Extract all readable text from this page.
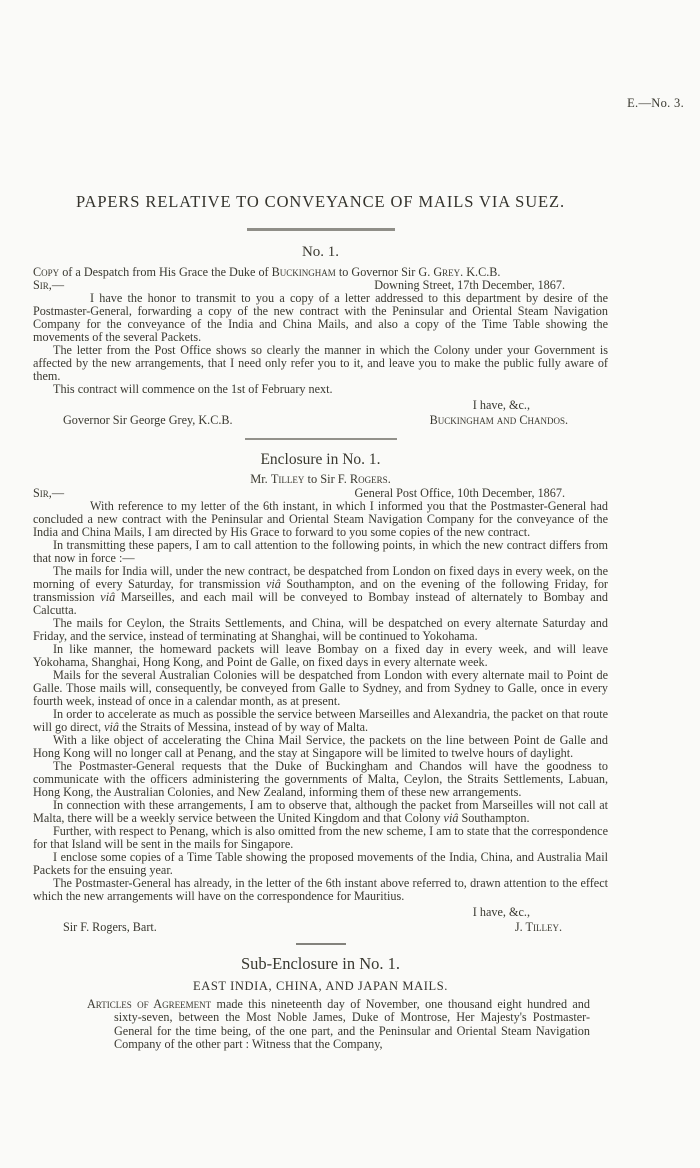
E.—No. 3.
PAPERS RELATIVE TO CONVEYANCE OF MAILS VIA SUEZ.
No. 1.

Copy of a Despatch from His Grace the Duke of Buckingham to Governor Sir G. Grey. K.C.B.

Sir,—	Downing Street, 17th December, 1867.

I have the honor to transmit to you a copy of a letter addressed to this department by desire of the Postmaster-General, forwarding a copy of the new contract with the Peninsular and Oriental Steam Navigation Company for the conveyance of the India and China Mails, and also a copy of the Time Table showing the movements of the several Packets.

The letter from the Post Office shows so clearly the manner in which the Colony under your Government is affected by the new arrangements, that I need only refer you to it, and leave you to make the public fully aware of them.

This contract will commence on the 1st of February next.

I have, &c.,
Governor Sir George Grey, K.C.B.	Buckingham and Chandos.
Enclosure in No. 1.
Mr. Tilley to Sir F. Rogers.
Sir,—	General Post Office, 10th December, 1867.

With reference to my letter of the 6th instant, in which I informed you that the Postmaster-General had concluded a new contract with the Peninsular and Oriental Steam Navigation Company for the conveyance of the India and China Mails, I am directed by His Grace to forward to you some copies of the new contract.

In transmitting these papers, I am to call attention to the following points, in which the new contract differs from that now in force :—

The mails for India will, under the new contract, be despatched from London on fixed days in every week, on the morning of every Saturday, for transmission viâ Southampton, and on the evening of the following Friday, for transmission viâ Marseilles, and each mail will be conveyed to Bombay instead of alternately to Bombay and Calcutta.

The mails for Ceylon, the Straits Settlements, and China, will be despatched on every alternate Saturday and Friday, and the service, instead of terminating at Shanghai, will be continued to Yokohama.

In like manner, the homeward packets will leave Bombay on a fixed day in every week, and will leave Yokohama, Shanghai, Hong Kong, and Point de Galle, on fixed days in every alternate week.

Mails for the several Australian Colonies will be despatched from London with every alternate mail to Point de Galle. Those mails will, consequently, be conveyed from Galle to Sydney, and from Sydney to Galle, once in every fourth week, instead of once in a calendar month, as at present.

In order to accelerate as much as possible the service between Marseilles and Alexandria, the packet on that route will go direct, viâ the Straits of Messina, instead of by way of Malta.

With a like object of accelerating the China Mail Service, the packets on the line between Point de Galle and Hong Kong will no longer call at Penang, and the stay at Singapore will be limited to twelve hours of daylight.

The Postmaster-General requests that the Duke of Buckingham and Chandos will have the goodness to communicate with the officers administering the governments of Malta, Ceylon, the Straits Settlements, Labuan, Hong Kong, the Australian Colonies, and New Zealand, informing them of these new arrangements.

In connection with these arrangements, I am to observe that, although the packet from Marseilles will not call at Malta, there will be a weekly service between the United Kingdom and that Colony viâ Southampton.

Further, with respect to Penang, which is also omitted from the new scheme, I am to state that the correspondence for that Island will be sent in the mails for Singapore.

I enclose some copies of a Time Table showing the proposed movements of the India, China, and Australia Mail Packets for the ensuing year.

The Postmaster-General has already, in the letter of the 6th instant above referred to, drawn attention to the effect which the new arrangements will have on the correspondence for Mauritius.

I have, &c.,
Sir F. Rogers, Bart.	J. Tilley.
Sub-Enclosure in No. 1.
EAST INDIA, CHINA, AND JAPAN MAILS.

Articles of Agreement made this nineteenth day of November, one thousand eight hundred and sixty-seven, between the Most Noble James, Duke of Montrose, Her Majesty's Postmaster-General for the time being, of the one part, and the Peninsular and Oriental Steam Navigation Company of the other part : Witness that the Company,
